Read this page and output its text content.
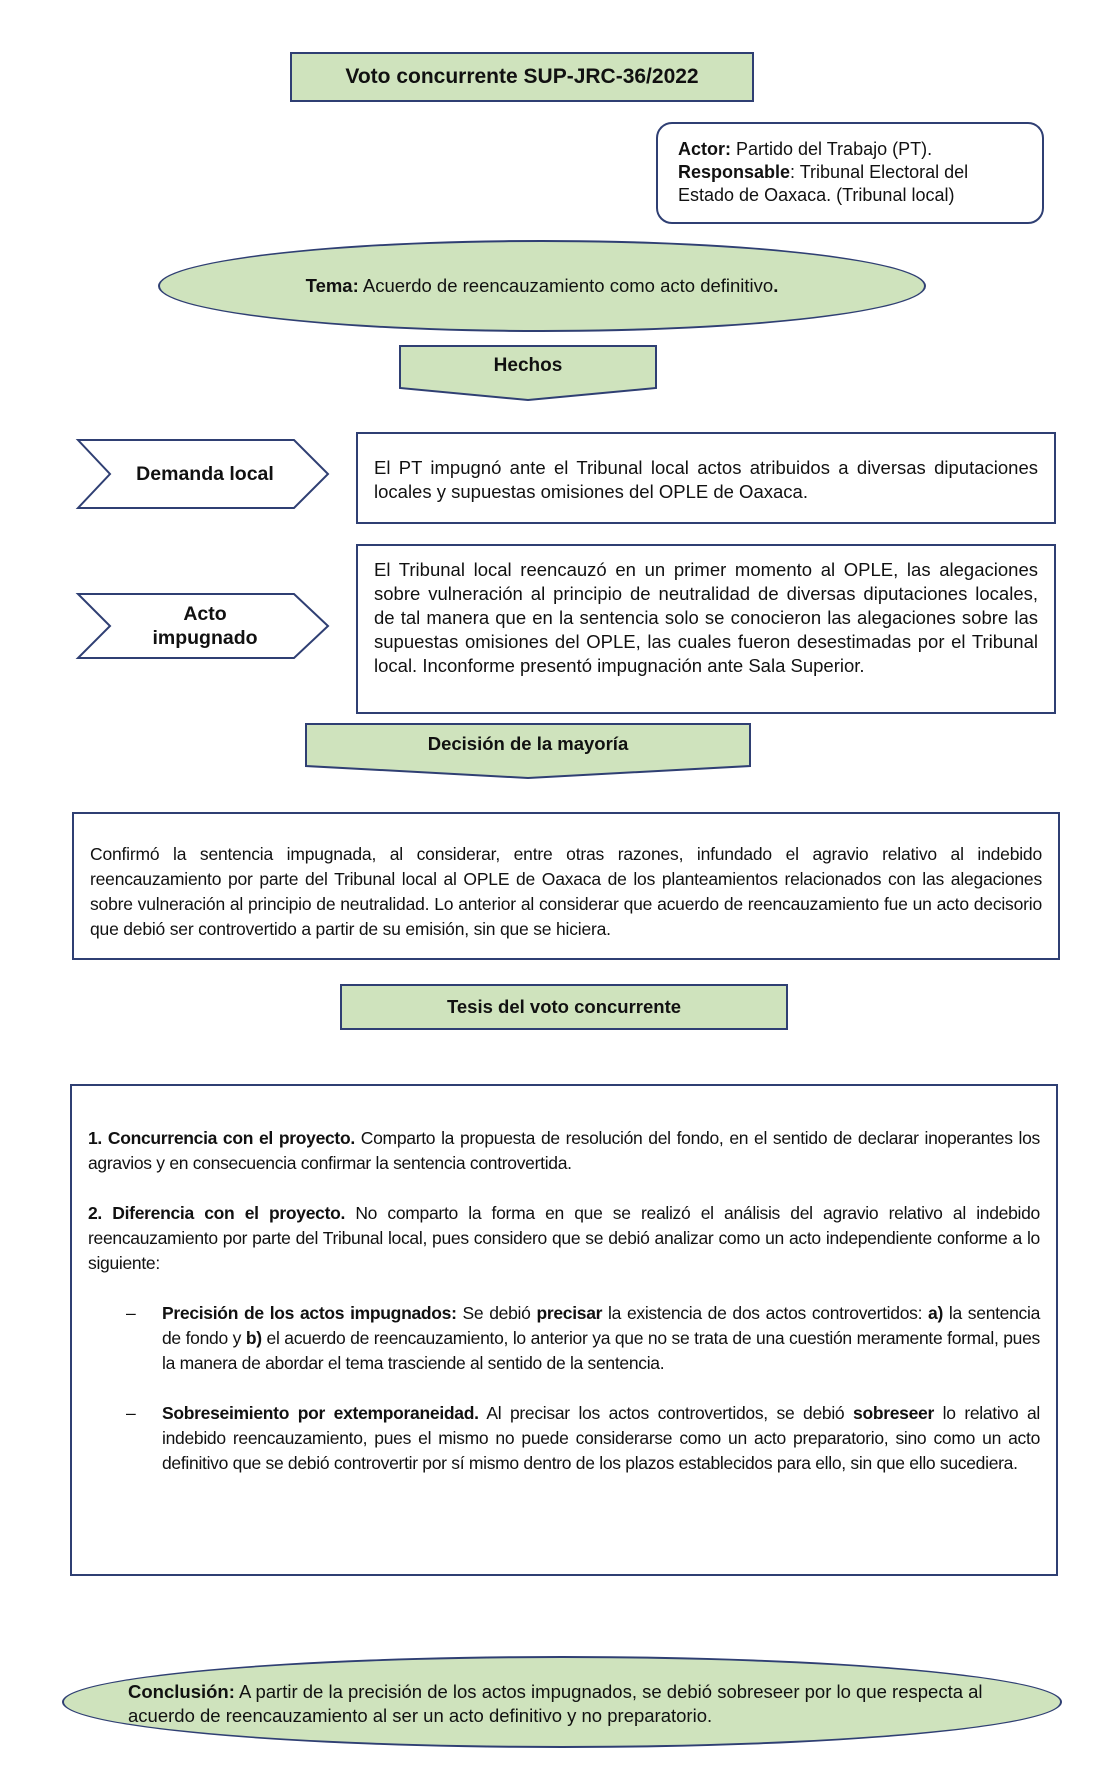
Voto concurrente SUP-JRC-36/2022
Actor: Partido del Trabajo (PT).
Responsable: Tribunal Electoral del Estado de Oaxaca. (Tribunal local)
Tema: Acuerdo de reencauzamiento como acto definitivo.
Hechos
Demanda local	El PT impugnó ante el Tribunal local actos atribuidos a diversas diputaciones locales y supuestas omisiones del OPLE de Oaxaca.
Acto
impugnado
El Tribunal local reencauzó en un primer momento al OPLE, las alegaciones sobre vulneración al principio de neutralidad de diversas diputaciones locales, de tal manera que en la sentencia solo se conocieron las alegaciones sobre las supuestas omisiones del OPLE, las cuales fueron desestimadas por el Tribunal local. Inconforme presentó impugnación ante Sala Superior.
Decisión de la mayoría
Confirmó la sentencia impugnada, al considerar, entre otras razones, infundado el agravio relativo al indebido reencauzamiento por parte del Tribunal local al OPLE de Oaxaca de los planteamientos relacionados con las alegaciones sobre vulneración al principio de neutralidad. Lo anterior al considerar que acuerdo de reencauzamiento fue un acto decisorio que debió ser controvertido a partir de su emisión, sin que se hiciera.
Tesis del voto concurrente

1. Concurrencia con el proyecto. Comparto la propuesta de resolución del fondo, en el sentido de declarar inoperantes los agravios y en consecuencia confirmar la sentencia controvertida.

2. Diferencia con el proyecto. No comparto la forma en que se realizó el análisis del agravio relativo al indebido reencauzamiento por parte del Tribunal local, pues considero que se debió analizar como un acto independiente conforme a lo siguiente:

– Precisión de los actos impugnados: Se debió precisar la existencia de dos actos controvertidos: a) la sentencia de fondo y b) el acuerdo de reencauzamiento, lo anterior ya que no se trata de una cuestión meramente formal, pues la manera de abordar el tema trasciende al sentido de la sentencia.

– Sobreseimiento por extemporaneidad. Al precisar los actos controvertidos, se debió sobreseer lo relativo al indebido reencauzamiento, pues el mismo no puede considerarse como un acto preparatorio, sino como un acto definitivo que se debió controvertir por sí mismo dentro de los plazos establecidos para ello, sin que ello sucediera.

Conclusión: A partir de la precisión de los actos impugnados, se debió sobreseer por lo que respecta al acuerdo de reencauzamiento al ser un acto definitivo y no preparatorio.
